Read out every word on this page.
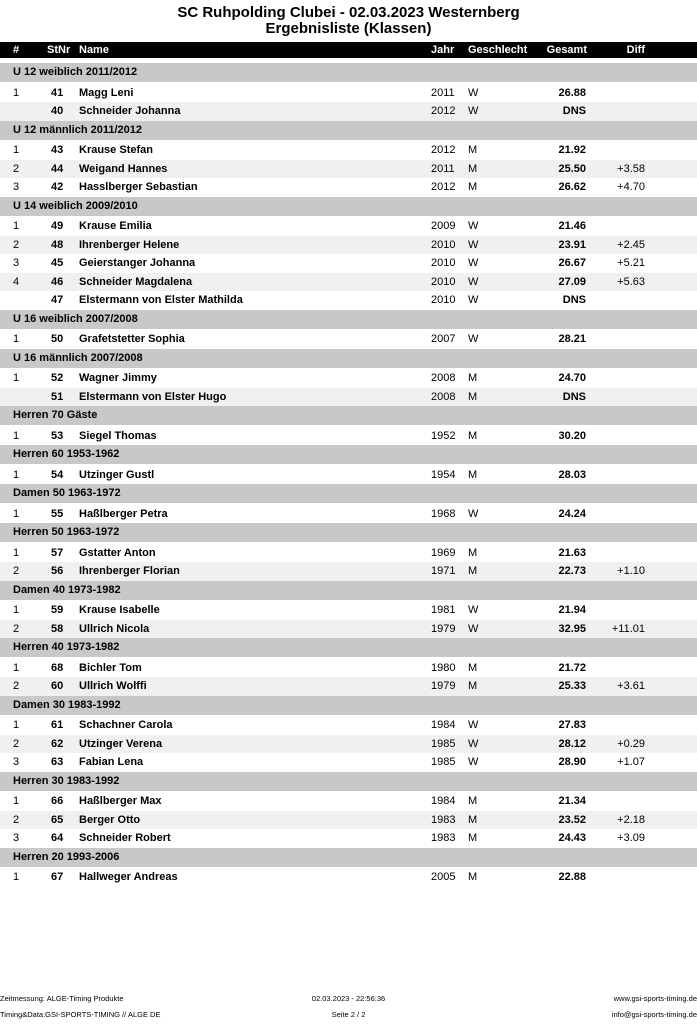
SC Ruhpolding Clubei - 02.03.2023 Westernberg
Ergebnisliste (Klassen)
#	StNr Name	Jahr Geschlecht Gesamt	Diff
U 12 weiblich 2011/2012
1	41 Magg Leni	2011 W	26.88
40 Schneider Johanna	2012 W	DNS
U 12 männlich 2011/2012
1	43 Krause Stefan	2012 M	21.92
2	44 Weigand Hannes	2011 M	25.50	+3.58
3	42 Hasslberger Sebastian	2012 M	26.62	+4.70
U 14 weiblich 2009/2010
1	49 Krause Emilia	2009 W	21.46
2	48 Ihrenberger Helene	2010 W	23.91	+2.45
3	45 Geierstanger Johanna	2010 W	26.67	+5.21
4	46 Schneider Magdalena	2010 W	27.09	+5.63
47 Elstermann von Elster Mathilda	2010 W	DNS
U 16 weiblich 2007/2008
1	50 Grafetstetter Sophia	2007 W	28.21
U 16 männlich 2007/2008
1	52 Wagner Jimmy	2008 M	24.70
51 Elstermann von Elster Hugo	2008 M	DNS
Herren 70 Gäste
1	53 Siegel Thomas	1952 M	30.20
Herren 60 1953-1962
1	54 Utzinger Gustl	1954 M	28.03
Damen 50 1963-1972
1	55 Haßlberger Petra	1968 W	24.24
Herren 50 1963-1972
1	57 Gstatter Anton	1969 M	21.63
2	56 Ihrenberger Florian	1971 M	22.73	+1.10
Damen 40 1973-1982
1	59 Krause Isabelle	1981 W	21.94
2	58 Ullrich Nicola	1979 W	32.95 +11.01
Herren 40 1973-1982
1	68 Bichler Tom	1980 M	21.72
2	60 Ullrich Wolffi	1979 M	25.33	+3.61
Damen 30 1983-1992
1	61 Schachner Carola	1984 W	27.83
2	62 Utzinger Verena	1985 W	28.12	+0.29
3	63 Fabian Lena	1985 W	28.90	+1.07
Herren 30 1983-1992
1	66 Haßlberger Max	1984 M	21.34
2	65 Berger Otto	1983 M	23.52	+2.18
3	64 Schneider Robert	1983 M	24.43	+3.09
Herren 20 1993-2006
1	67 Hallweger Andreas	2005 M	22.88
Zeitmessung: ALGE-Timing Produkte
Timing&Data:GSI-SPORTS-TIMING // ALGE DE
02.03.2023 - 22:56:36
Seite 2 / 2
www.gsi-sports-timing.de
info@gsi-sports-timing.de
